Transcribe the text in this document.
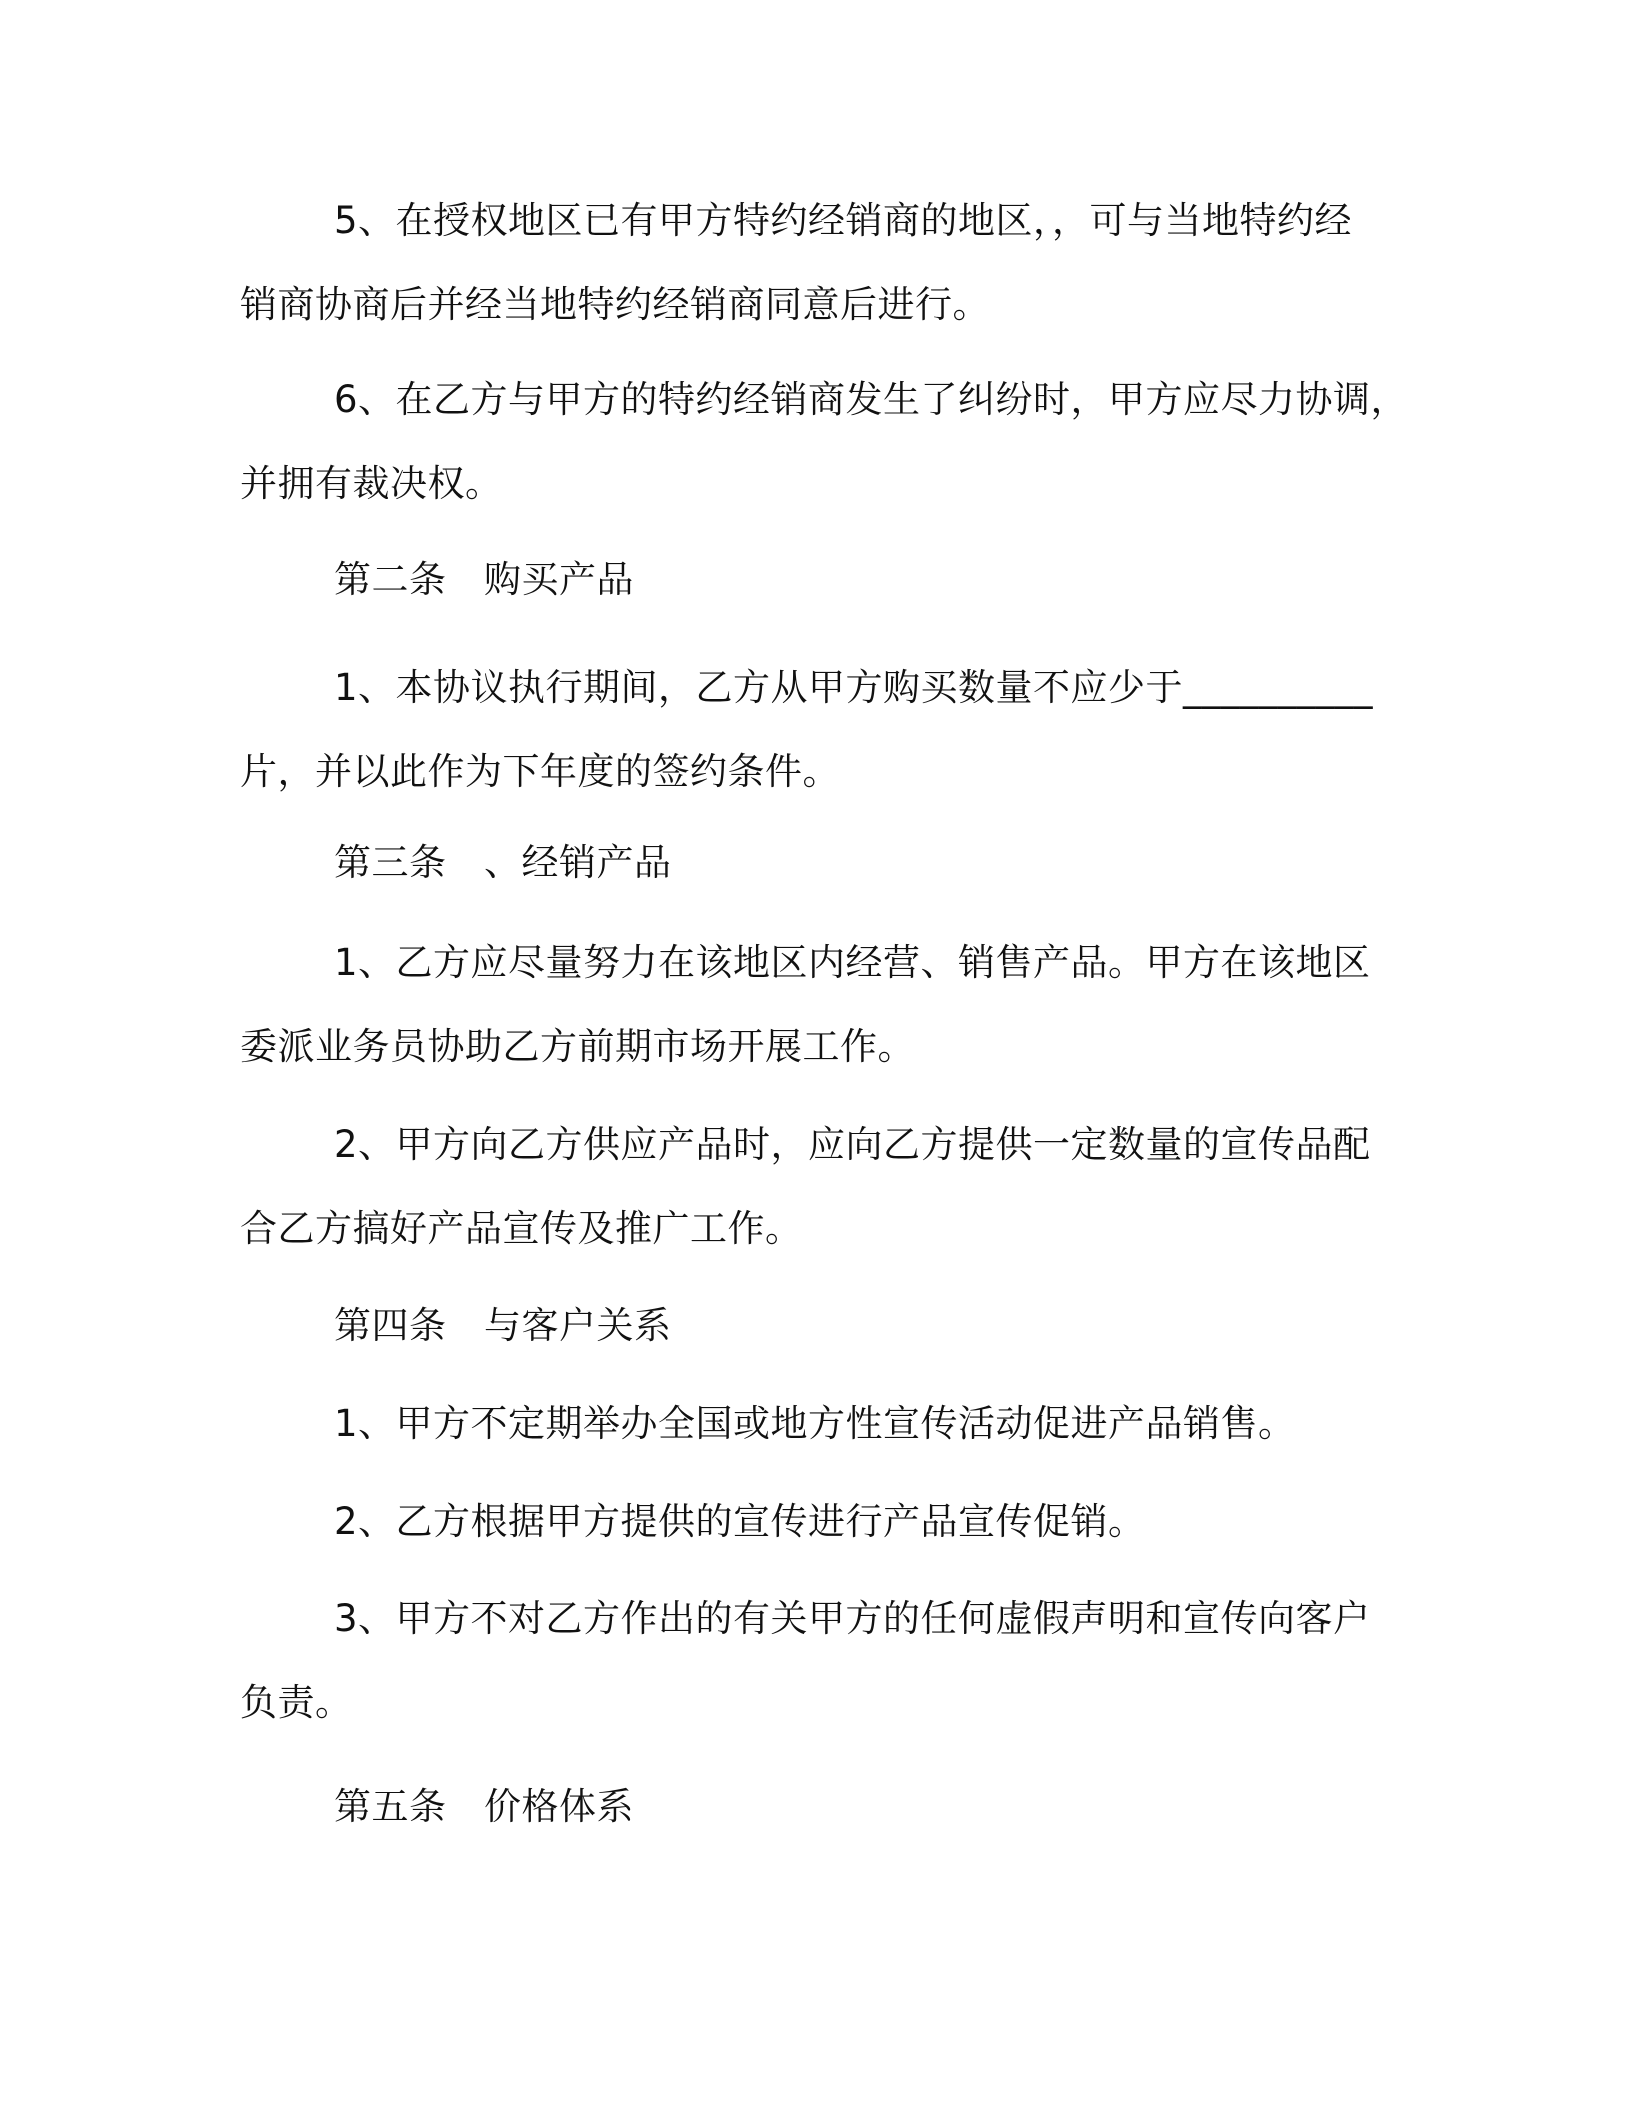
5、在授权地区已有甲方特约经销商的地区，，可与当地特约经
销商协商后并经当地特约经销商同意后进行。

6、在乙方与甲方的特约经销商发生了纠纷时，甲方应尽力协调，
并拥有裁决权。

第二条　购买产品

1、本协议执行期间，乙方从甲方购买数量不应少于__________
片，并以此作为下年度的签约条件。

第三条　、经销产品

1、乙方应尽量努力在该地区内经营、销售产品。甲方在该地区
委派业务员协助乙方前期市场开展工作。

2、甲方向乙方供应产品时，应向乙方提供一定数量的宣传品配
合乙方搞好产品宣传及推广工作。

第四条　与客户关系

1、甲方不定期举办全国或地方性宣传活动促进产品销售。

2、乙方根据甲方提供的宣传进行产品宣传促销。

3、甲方不对乙方作出的有关甲方的任何虚假声明和宣传向客户
负责。

第五条　价格体系
